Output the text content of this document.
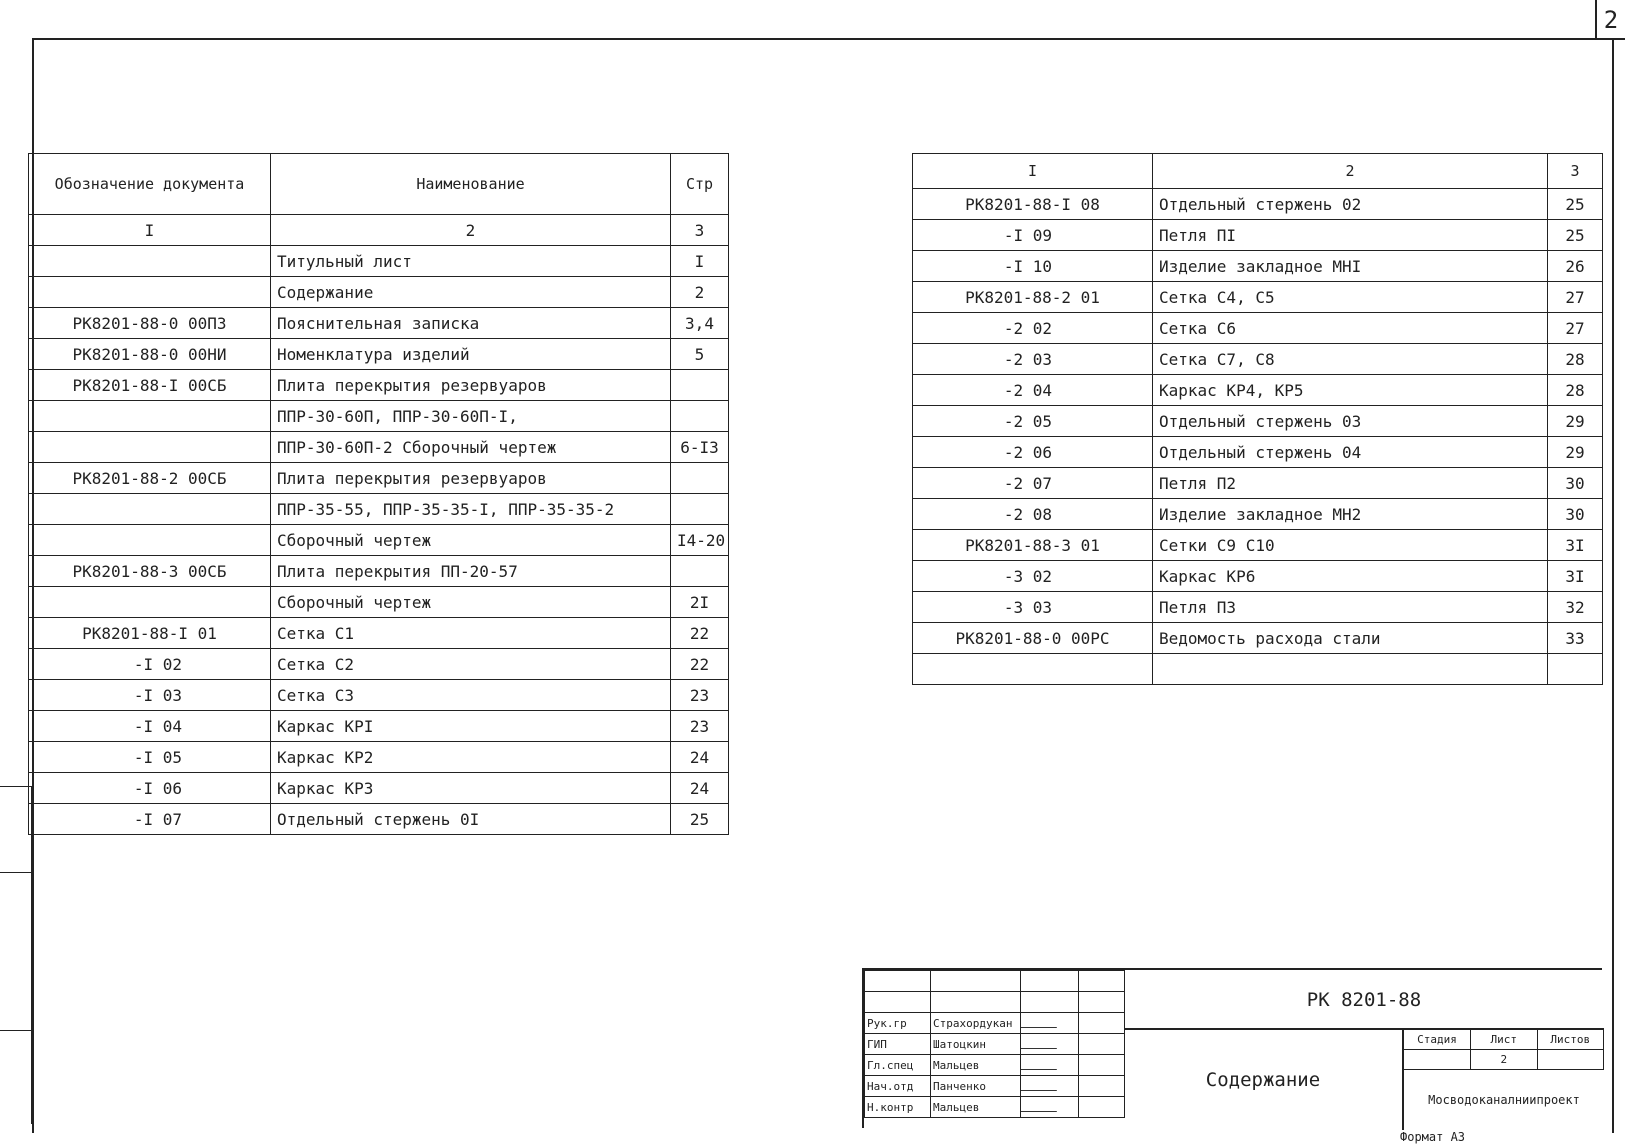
2
Обозначение документа	Наименование	Стр
I	2	3
	Титульный лист	I
	Содержание	2
РК8201-88-0 00ПЗ	Пояснительная записка	3,4
РК8201-88-0 00НИ	Номенклатура изделий	5
РК8201-88-I 00СБ	Плита перекрытия резервуаров	
	ППР-30-60П, ППР-30-60П-I,	
	ППР-30-60П-2 Сборочный чертеж	6-I3
РК8201-88-2 00СБ	Плита перекрытия резервуаров	
	ППР-35-55, ППР-35-35-I, ППР-35-35-2	
	Сборочный чертеж	I4-20
РК8201-88-3 00СБ	Плита перекрытия ПП-20-57	
	Сборочный чертеж	2I
РК8201-88-I 01	Сетка C1	22
-I 02	Сетка C2	22
-I 03	Сетка C3	23
-I 04	Каркас KPI	23
-I 05	Каркас КР2	24
-I 06	Каркас КР3	24
-I 07	Отдельный стержень 0I	25
I	2	3
РК8201-88-I 08	Отдельный стержень 02	25
-I 09	Петля ПI	25
-I 10	Изделие закладное МНI	26
РК8201-88-2 01	Сетка C4, C5	27
-2 02	Сетка C6	27
-2 03	Сетка C7, C8	28
-2 04	Каркас КР4, КР5	28
-2 05	Отдельный стержень 03	29
-2 06	Отдельный стержень 04	29
-2 07	Петля П2	30
-2 08	Изделие закладное МН2	30
РК8201-88-3 01	Сетки C9 C10	3I
-3 02	Каркас КР6	3I
-3 03	Петля П3	32
РК8201-88-0 00РС	Ведомость расхода стали	33

Рук.гр	Страхордукан		
ГИП	Шатоцкин		
Гл.спец	Мальцев		
Нач.отд	Панченко		
Н.контр	Мальцев		
РК 8201-88
Содержание
Стадия	Лист	Листов
	2	
Мосводоканалниипроект
Формат А3
